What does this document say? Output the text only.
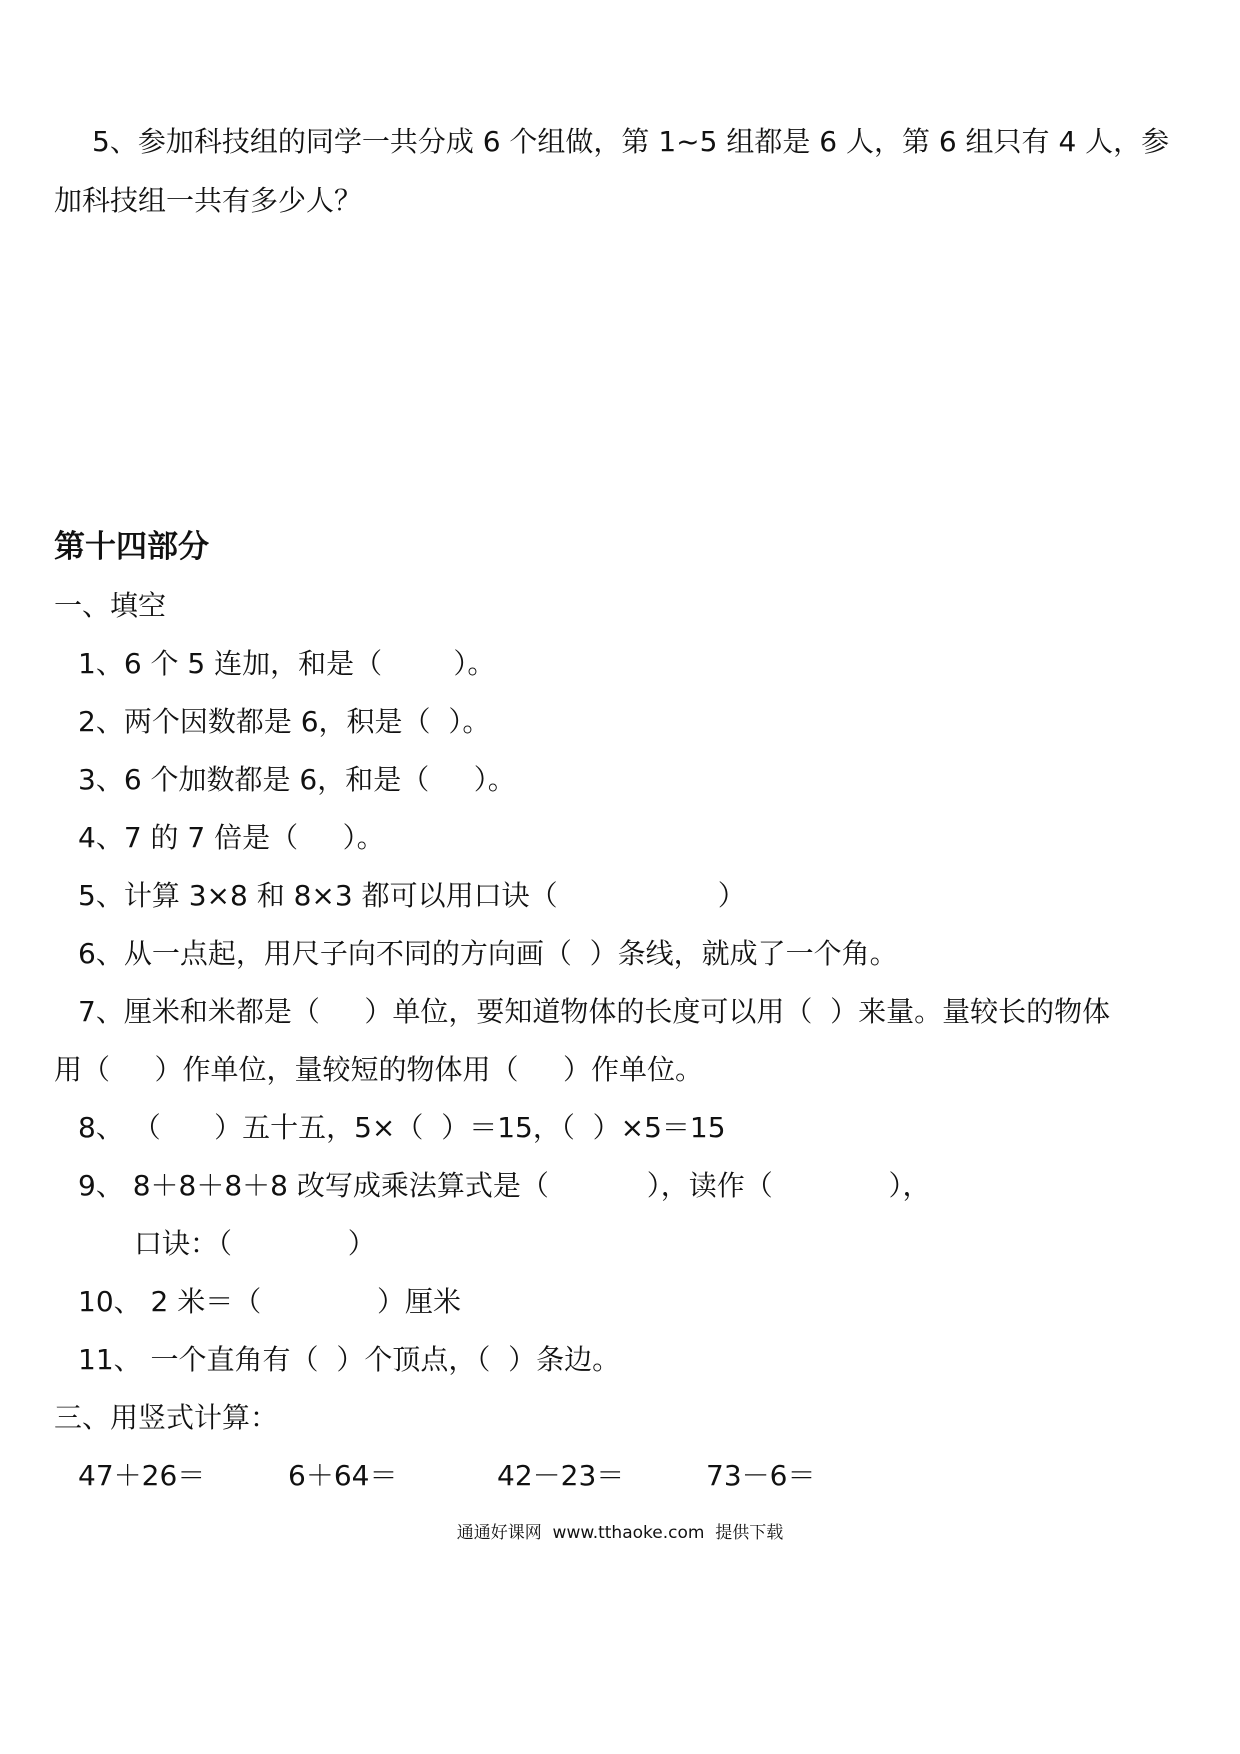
5、参加科技组的同学一共分成 6 个组做，第 1~5 组都是 6 人，第 6 组只有 4 人，参
加科技组一共有多少人？
第十四部分
一、填空
1、6 个 5 连加，和是（        ）。
2、两个因数都是 6，积是（  ）。
3、6 个加数都是 6，和是（     ）。
4、7 的 7 倍是（     ）。
5、计算 3×8 和 8×3 都可以用口诀（                  ）
6、从一点起，用尺子向不同的方向画（  ）条线，就成了一个角。
7、厘米和米都是（     ）单位，要知道物体的长度可以用（  ）来量。量较长的物体
用（     ）作单位，量较短的物体用（     ）作单位。
8、 （      ）五十五，5×（  ）＝15，（  ）×5＝15
9、 8＋8＋8＋8 改写成乘法算式是（           ），读作（             ），
口诀：（             ）
10、 2 米＝（             ）厘米
11、 一个直角有（  ）个顶点，（  ）条边。
三、用竖式计算：
47＋26＝	6＋64＝	42－23＝	73－6＝
通通好课网  www.tthaoke.com  提供下载
